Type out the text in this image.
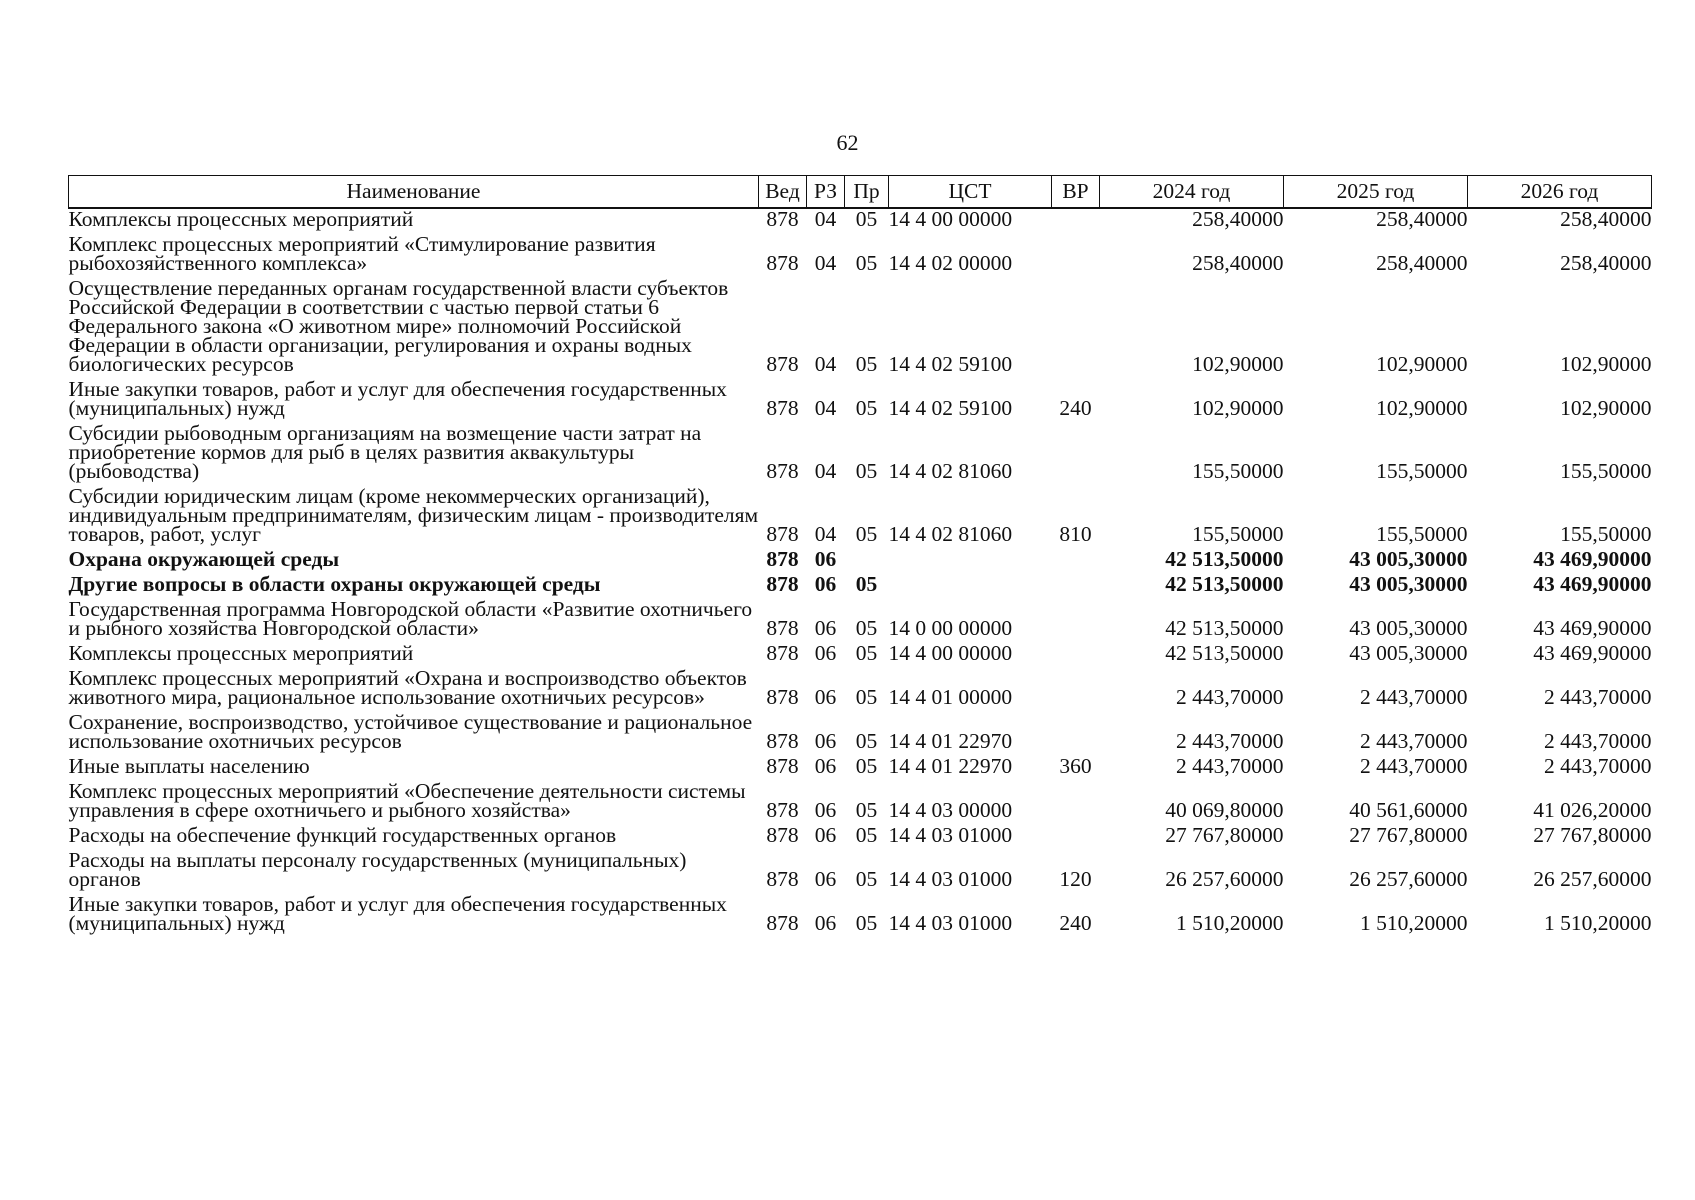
62
Наименование	Вед	РЗ	Пр	ЦСТ	ВР	2024 год	2025 год	2026 год
Комплексы процессных мероприятий	878	04	05	14 4 00 00000		258,40000	258,40000	258,40000
Комплекс процессных мероприятий «Стимулирование развития рыбохозяйственного комплекса»	878	04	05	14 4 02 00000		258,40000	258,40000	258,40000
Осуществление переданных органам государственной власти субъектов Российской Федерации в соответствии с частью первой статьи 6 Федерального закона «О животном мире» полномочий Российской Федерации в области организации, регулирования и охраны водных биологических ресурсов	878	04	05	14 4 02 59100		102,90000	102,90000	102,90000
Иные закупки товаров, работ и услуг для обеспечения государственных (муниципальных) нужд	878	04	05	14 4 02 59100	240	102,90000	102,90000	102,90000
Субсидии рыбоводным организациям на возмещение части затрат на приобретение кормов для рыб в целях развития аквакультуры (рыбоводства)	878	04	05	14 4 02 81060		155,50000	155,50000	155,50000
Субсидии юридическим лицам (кроме некоммерческих организаций), индивидуальным предпринимателям, физическим лицам - производителям товаров, работ, услуг	878	04	05	14 4 02 81060	810	155,50000	155,50000	155,50000
Охрана окружающей среды	878	06				42 513,50000	43 005,30000	43 469,90000
Другие вопросы в области охраны окружающей среды	878	06	05			42 513,50000	43 005,30000	43 469,90000
Государственная программа Новгородской области «Развитие охотничьего и рыбного хозяйства Новгородской области»	878	06	05	14 0 00 00000		42 513,50000	43 005,30000	43 469,90000
Комплексы процессных мероприятий	878	06	05	14 4 00 00000		42 513,50000	43 005,30000	43 469,90000
Комплекс процессных мероприятий «Охрана и воспроизводство объектов животного мира, рациональное использование охотничьих ресурсов»	878	06	05	14 4 01 00000		2 443,70000	2 443,70000	2 443,70000
Сохранение, воспроизводство, устойчивое существование и рациональное использование охотничьих ресурсов	878	06	05	14 4 01 22970		2 443,70000	2 443,70000	2 443,70000
Иные выплаты населению	878	06	05	14 4 01 22970	360	2 443,70000	2 443,70000	2 443,70000
Комплекс процессных мероприятий «Обеспечение деятельности системы управления в сфере охотничьего и рыбного хозяйства»	878	06	05	14 4 03 00000		40 069,80000	40 561,60000	41 026,20000
Расходы на обеспечение функций государственных органов	878	06	05	14 4 03 01000		27 767,80000	27 767,80000	27 767,80000
Расходы на выплаты персоналу государственных (муниципальных) органов	878	06	05	14 4 03 01000	120	26 257,60000	26 257,60000	26 257,60000
Иные закупки товаров, работ и услуг для обеспечения государственных (муниципальных) нужд	878	06	05	14 4 03 01000	240	1 510,20000	1 510,20000	1 510,20000
